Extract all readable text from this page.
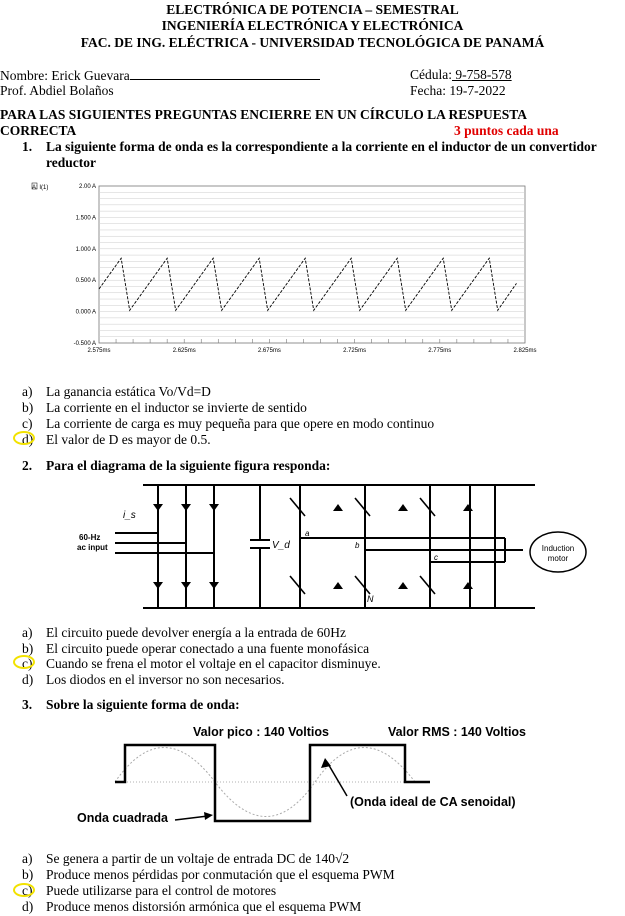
ELECTRÓNICA DE POTENCIA – SEMESTRAL
INGENIERÍA ELECTRÓNICA Y ELECTRÓNICA
FAC. DE ING. ELÉCTRICA - UNIVERSIDAD TECNOLÓGICA DE PANAMÁ
Nombre: Erick Guevara	Cédula: 9-758-578
Prof. Abdiel Bolaños	Fecha: 19-7-2022
PARA LAS SIGUIENTES PREGUNTAS ENCIERRE EN UN CÍRCULO LA RESPUESTA
CORRECTA	3 puntos cada una
1. La siguiente forma de onda es la correspondiente a la corriente en el inductor de un convertidor reductor
A: I(1)	2.00 A
1.500 A
1.000 A
0.500 A
0.000 A
-0.500 A
2.575ms	2.625ms	2.675ms	2.725ms	2.775ms	2.825ms
a) La ganancia estática Vo/Vd=D
b) La corriente en el inductor se invierte de sentido
c) La corriente de carga es muy pequeña para que opere en modo continuo
d) El valor de D es mayor de 0.5.
2. Para el diagrama de la siguiente figura responda:
i_s
60-Hz
ac input	V_d
a
b
c
N
Induction
motor
a) El circuito puede devolver energía a la entrada de 60Hz
b) El circuito puede operar conectado a una fuente monofásica
c) Cuando se frena el motor el voltaje en el capacitor disminuye.
d) Los diodos en el inversor no son necesarios.
3. Sobre la siguiente forma de onda:
Valor pico : 140 Voltios	Valor RMS : 140 Voltios
(Onda ideal de CA senoidal)
Onda cuadrada
a) Se genera a partir de un voltaje de entrada DC de 140√2
b) Produce menos pérdidas por conmutación que el esquema PWM
c) Puede utilizarse para el control de motores
d) Produce menos distorsión armónica que el esquema PWM
